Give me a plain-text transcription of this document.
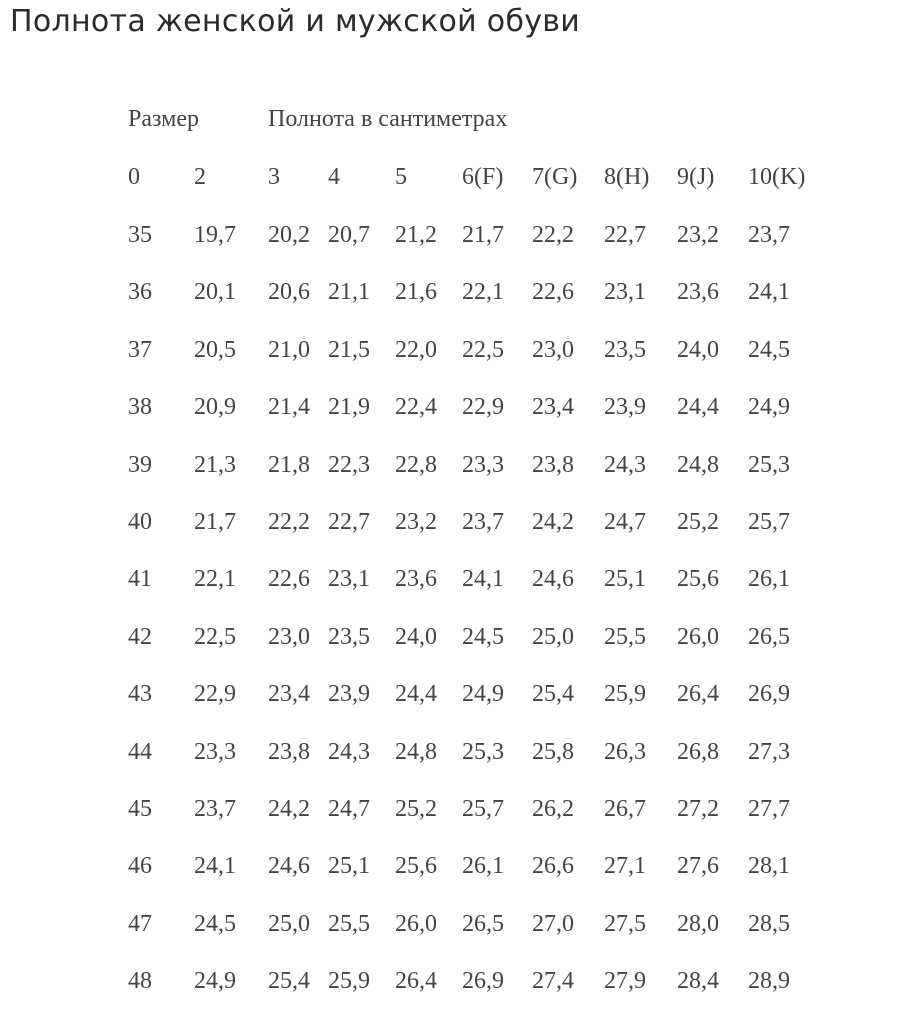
Полнота женской и мужской обуви
Размер	Полнота в сантиметрах
0 2	3 4 5 6(F) 7(G) 8(H) 9(J) 10(K)
35 19,7 20,2 20,7 21,2 21,7 22,2 22,7 23,2 23,7
36 20,1 20,6 21,1 21,6 22,1 22,6 23,1 23,6 24,1
37 20,5 21,0 21,5 22,0 22,5 23,0 23,5 24,0 24,5
38 20,9 21,4 21,9 22,4 22,9 23,4 23,9 24,4 24,9
39 21,3 21,8 22,3 22,8 23,3 23,8 24,3 24,8 25,3
40 21,7 22,2 22,7 23,2 23,7 24,2 24,7 25,2 25,7
41 22,1 22,6 23,1 23,6 24,1 24,6 25,1 25,6 26,1
42 22,5 23,0 23,5 24,0 24,5 25,0 25,5 26,0 26,5
43 22,9 23,4 23,9 24,4 24,9 25,4 25,9 26,4 26,9
44 23,3 23,8 24,3 24,8 25,3 25,8 26,3 26,8 27,3
45 23,7 24,2 24,7 25,2 25,7 26,2 26,7 27,2 27,7
46 24,1 24,6 25,1 25,6 26,1 26,6 27,1 27,6 28,1
47 24,5 25,0 25,5 26,0 26,5 27,0 27,5 28,0 28,5
48 24,9 25,4 25,9 26,4 26,9 27,4 27,9 28,4 28,9
